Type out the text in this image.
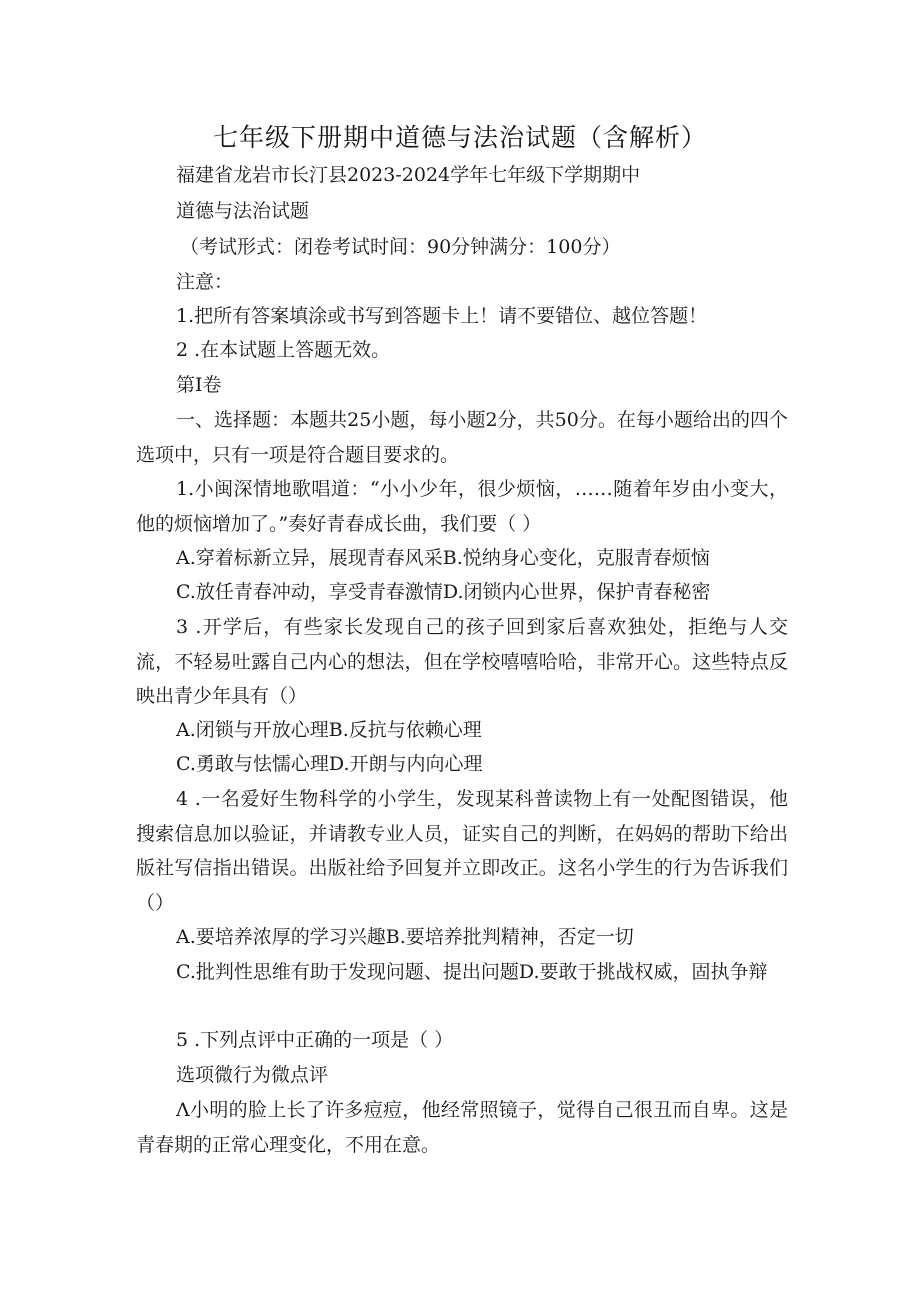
七年级下册期中道德与法治试题（含解析）
福建省龙岩市长汀县2023-2024学年七年级下学期期中
道德与法治试题
（考试形式：闭卷考试时间：90分钟满分：100分）
注意：
1.把所有答案填涂或书写到答题卡上！请不要错位、越位答题！
2 .在本试题上答题无效。
第I卷
一、选择题：本题共25小题，每小题2分，共50分。在每小题给出的四个选项中，只有一项是符合题目要求的。
1.小闽深情地歌唱道：“小小少年，很少烦恼，……随着年岁由小变大，他的烦恼增加了。”奏好青春成长曲，我们要（ ）
A.穿着标新立异，展现青春风采B.悦纳身心变化，克服青春烦恼
C.放任青春冲动，享受青春激情D.闭锁内心世界，保护青春秘密
3 .开学后，有些家长发现自己的孩子回到家后喜欢独处，拒绝与人交流，不轻易吐露自己内心的想法，但在学校嘻嘻哈哈，非常开心。这些特点反映出青少年具有（）
A.闭锁与开放心理B.反抗与依赖心理
C.勇敢与怯懦心理D.开朗与内向心理
4 .一名爱好生物科学的小学生，发现某科普读物上有一处配图错误，他搜索信息加以验证，并请教专业人员，证实自己的判断，在妈妈的帮助下给出版社写信指出错误。出版社给予回复并立即改正。这名小学生的行为告诉我们（）
A.要培养浓厚的学习兴趣B.要培养批判精神，否定一切
C.批判性思维有助于发现问题、提出问题D.要敢于挑战权威，固执争辩
5 .下列点评中正确的一项是（ ）
选项微行为微点评
Λ小明的脸上长了许多痘痘，他经常照镜子，觉得自己很丑而自卑。这是青春期的正常心理变化，不用在意。
